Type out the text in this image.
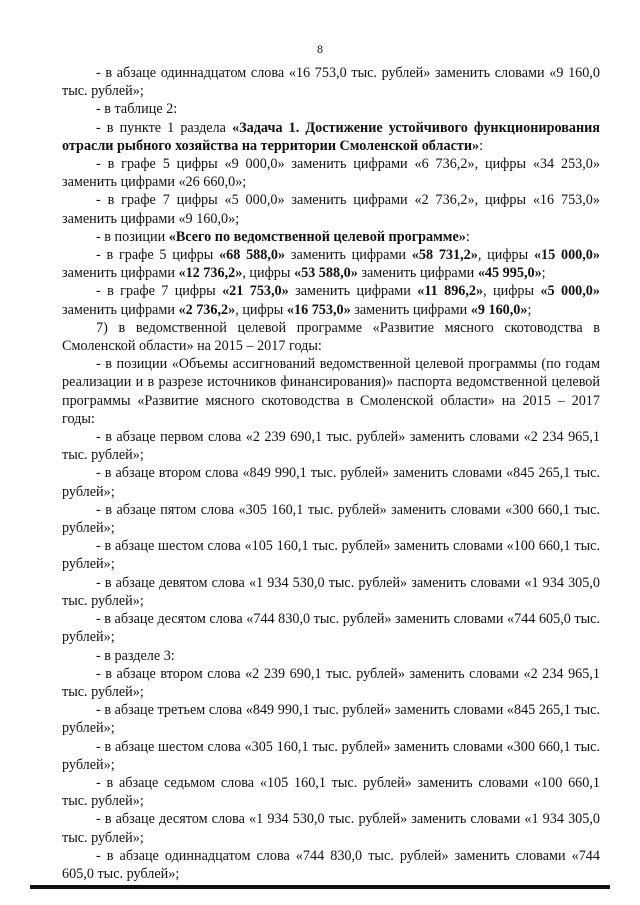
8

- в абзаце одиннадцатом слова «16 753,0 тыс. рублей» заменить словами «9 160,0 тыс. рублей»;

- в таблице 2:

- в пункте 1 раздела «Задача 1. Достижение устойчивого функционирования отрасли рыбного хозяйства на территории Смоленской области»:

- в графе 5 цифры «9 000,0» заменить цифрами «6 736,2», цифры «34 253,0» заменить цифрами «26 660,0»;

- в графе 7 цифры «5 000,0» заменить цифрами «2 736,2», цифры «16 753,0» заменить цифрами «9 160,0»;

- в позиции «Всего по ведомственной целевой программе»:

- в графе 5 цифры «68 588,0» заменить цифрами «58 731,2», цифры «15 000,0» заменить цифрами «12 736,2», цифры «53 588,0» заменить цифрами «45 995,0»;

- в графе 7 цифры «21 753,0» заменить цифрами «11 896,2», цифры «5 000,0» заменить цифрами «2 736,2», цифры «16 753,0» заменить цифрами «9 160,0»;

7) в ведомственной целевой программе «Развитие мясного скотоводства в Смоленской области» на 2015 – 2017 годы:

- в позиции «Объемы ассигнований ведомственной целевой программы (по годам реализации и в разрезе источников финансирования)» паспорта ведомственной целевой программы «Развитие мясного скотоводства в Смоленской области» на 2015 – 2017 годы:

- в абзаце первом слова «2 239 690,1 тыс. рублей» заменить словами «2 234 965,1 тыс. рублей»;

- в абзаце втором слова «849 990,1 тыс. рублей» заменить словами «845 265,1 тыс. рублей»;

- в абзаце пятом слова «305 160,1 тыс. рублей» заменить словами «300 660,1 тыс. рублей»;

- в абзаце шестом слова «105 160,1 тыс. рублей» заменить словами «100 660,1 тыс. рублей»;

- в абзаце девятом слова «1 934 530,0 тыс. рублей» заменить словами «1 934 305,0 тыс. рублей»;

- в абзаце десятом слова «744 830,0 тыс. рублей» заменить словами «744 605,0 тыс. рублей»;

- в разделе 3:

- в абзаце втором слова «2 239 690,1 тыс. рублей» заменить словами «2 234 965,1 тыс. рублей»;

- в абзаце третьем слова «849 990,1 тыс. рублей» заменить словами «845 265,1 тыс. рублей»;

- в абзаце шестом слова «305 160,1 тыс. рублей» заменить словами «300 660,1 тыс. рублей»;

- в абзаце седьмом слова «105 160,1 тыс. рублей» заменить словами «100 660,1 тыс. рублей»;

- в абзаце десятом слова «1 934 530,0 тыс. рублей» заменить словами «1 934 305,0 тыс. рублей»;

- в абзаце одиннадцатом слова «744 830,0 тыс. рублей» заменить словами «744 605,0 тыс. рублей»;
